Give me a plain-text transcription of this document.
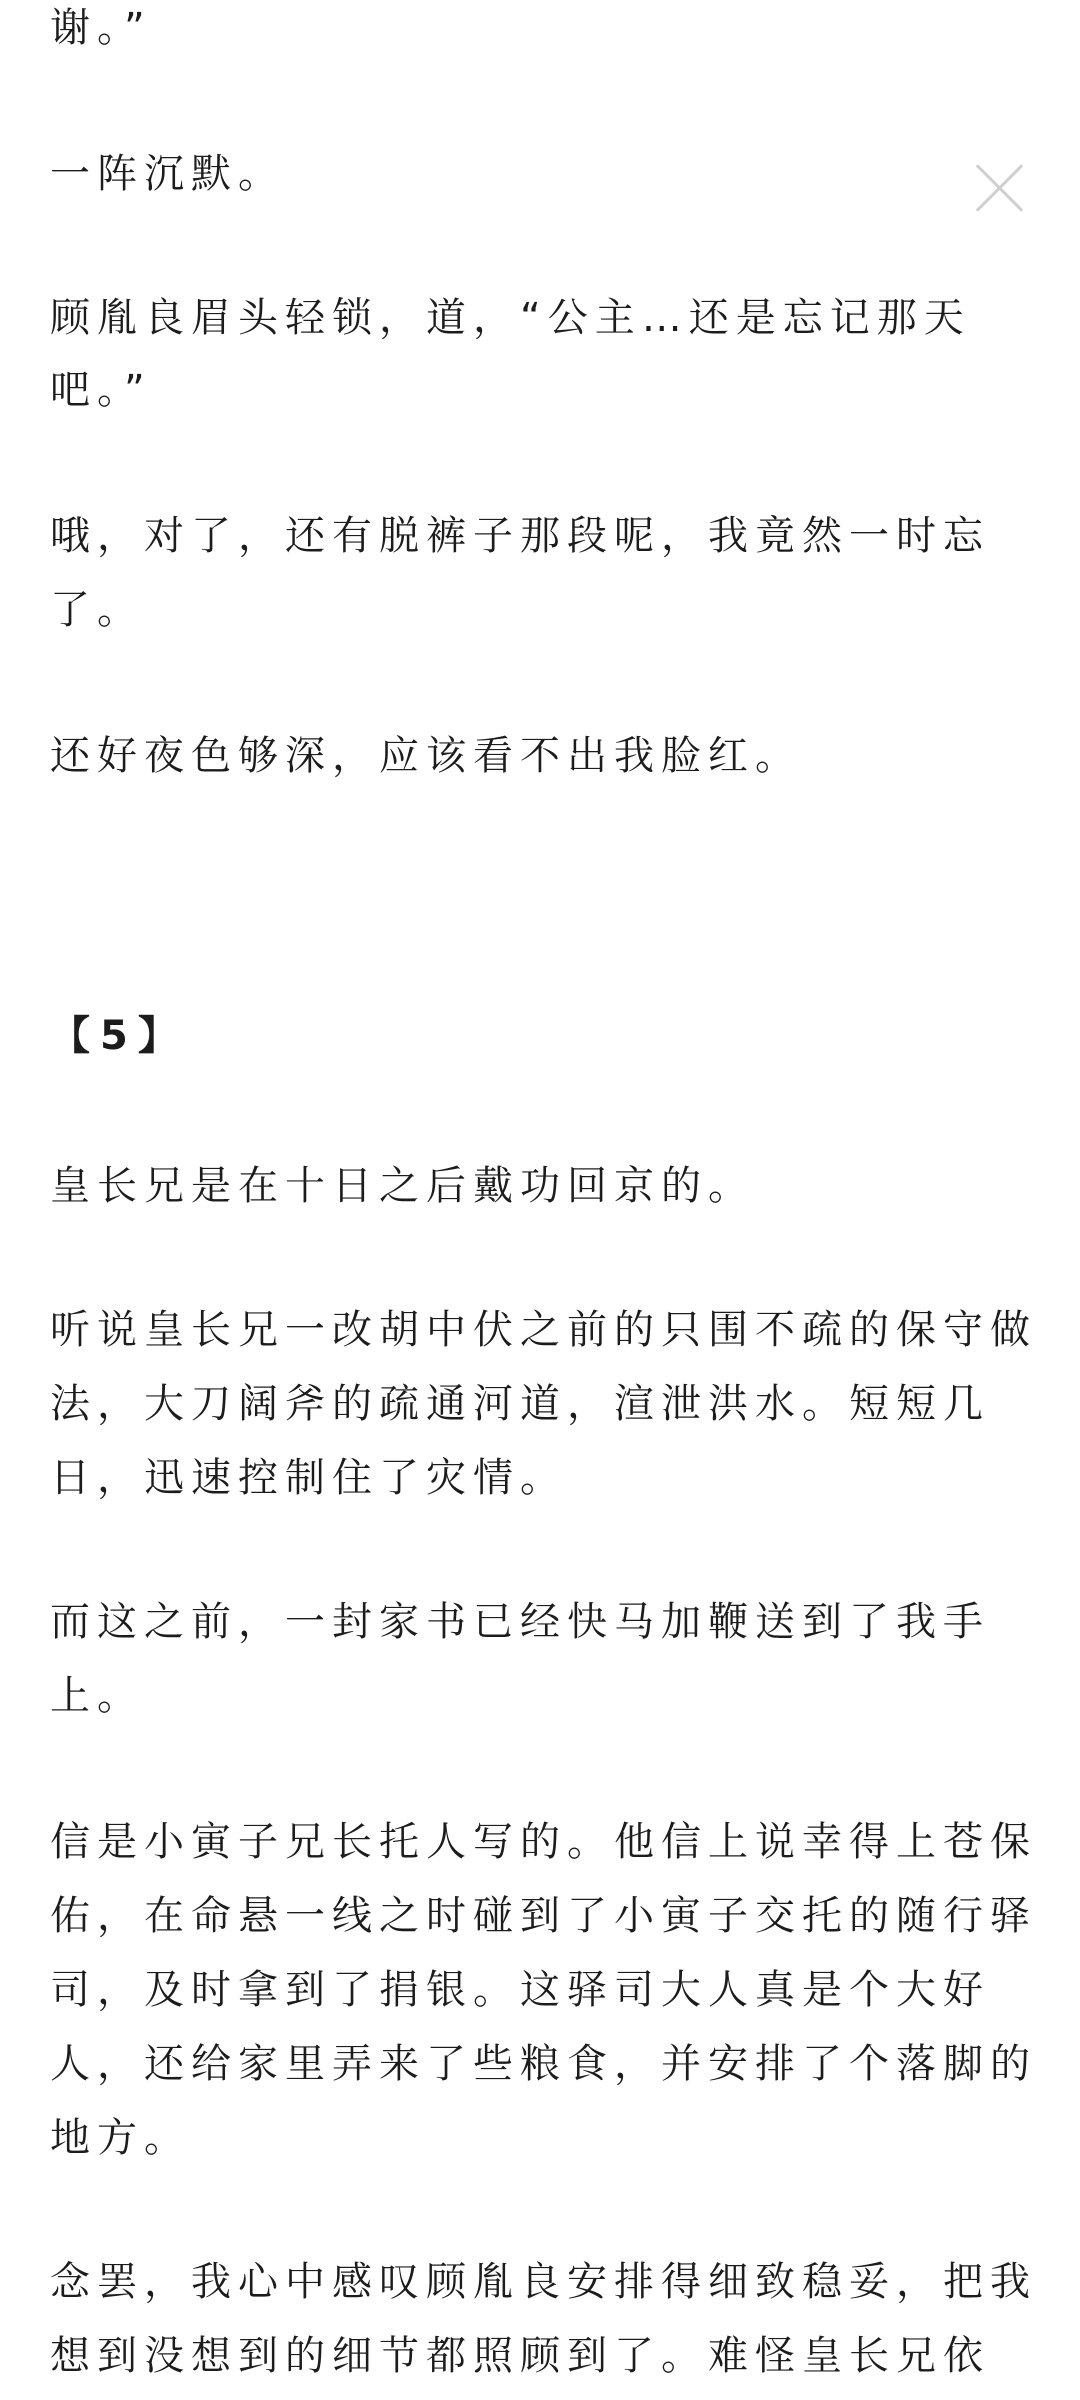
谢。”
一阵沉默。
顾胤良眉头轻锁，道，“公主…还是忘记那天
吧。”
哦，对了，还有脱裤子那段呢，我竟然一时忘
了。
还好夜色够深，应该看不出我脸红。
【5】
皇长兄是在十日之后戴功回京的。
听说皇长兄一改胡中伏之前的只围不疏的保守做
法，大刀阔斧的疏通河道，渲泄洪水。短短几
日，迅速控制住了灾情。
而这之前，一封家书已经快马加鞭送到了我手
上。
信是小寅子兄长托人写的。他信上说幸得上苍保
佑，在命悬一线之时碰到了小寅子交托的随行驿
司，及时拿到了捐银。这驿司大人真是个大好
人，还给家里弄来了些粮食，并安排了个落脚的
地方。
念罢，我心中感叹顾胤良安排得细致稳妥，把我
想到没想到的细节都照顾到了。难怪皇长兄依
